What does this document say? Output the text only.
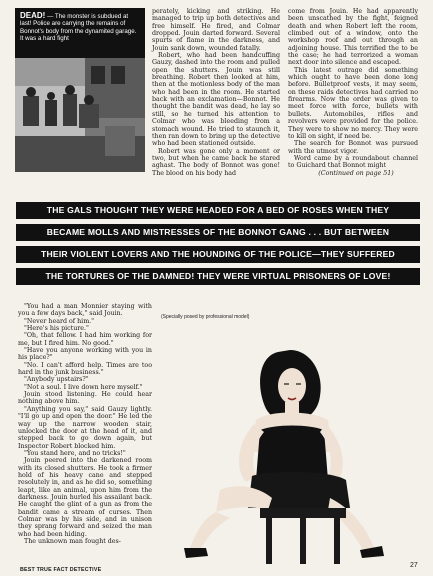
DEAD! — The monster is subdued at last! Police are carrying the remains of Bonnot's body from the dynamited garage. It was a hard fight

perately, kicking and striking. He managed to trip up both detectives and free himself. He fired, and Colmar dropped. Jouin darted forward. Several spurts of flame in the darkness, and Jouin sank down, wounded fatally.

Robert, who had been handcuffing Gauzy, dashed into the room and pulled open the shutters. Jouin was still breathing. Robert then looked at him, then at the motionless body of the man who had been in the room. He started back with an exclamation—Bonnot. He thought the bandit was dead, he lay so still, so he turned his attention to Colmar who was bleeding from a stomach wound. He tried to staunch it, then ran down to bring up the detective who had been stationed outside.

Robert was gone only a moment or two, but when he came back he stared aghast. The body of Bonnot was gone! The blood on his body had

come from Jouin. He had apparently been unscathed by the fight, feigned death and when Robert left the room, climbed out of a window, onto the workshop roof and out through an adjoining house. This terrified the to be the case; he had terrorized a woman next door into silence and escaped.

This latest outrage did something which ought to have been done long before. Bulletproof vests, it may seem, on these raids detectives had carried no firearms. Now the order was given to meet force with force, bullets with bullets. Automobiles, rifles and revolvers were provided for the police. They were to show no mercy. They were to kill on sight, if need be.

The search for Bonnot was pursued with the utmost vigor.

Word came by a roundabout channel to Guichard that Bonnot might

(Continued on page 51)

THE GALS THOUGHT THEY WERE HEADED FOR A BED OF ROSES WHEN THEY
BECAME MOLLS AND MISTRESSES OF THE BONNOT GANG . . . BUT BETWEEN
THEIR VIOLENT LOVERS AND THE HOUNDING OF THE POLICE—THEY SUFFERED
THE TORTURES OF THE DAMNED! THEY WERE VIRTUAL PRISONERS OF LOVE!

"You had a man Monnier staying with you a few days back," said Jouin.

"Never heard of him."

"Here's his picture."

"Oh, that fellow. I had him working for me, but I fired him. No good."

"Have you anyone working with you in his place?"

"No. I can't afford help. Times are too hard in the junk business."

"Anybody upstairs?"

"Not a soul. I live down here myself."

Jouin stood listening. He could hear nothing above him.

"Anything you say," said Gauzy lightly. "I'll go up and open the door." He led the way up the narrow wooden stair, unlocked the door at the head of it, and stepped back to go down again, but Inspector Robert blocked him.

"You stand here, and no tricks!"

Jouin peered into the darkened room with its closed shutters. He took a firmer hold of his heavy cane and stepped resolutely in, and as he did so, something leapt, like an animal, upon him from the darkness. Jouin hurled his assailant back. He caught the glint of a gun as from the bandit came a stream of curses. Then Colmar was by his side, and in unison they sprang forward and seized the man who had been hiding.

The unknown man fought des-

(Specially posed by professional model)
BEST TRUE FACT DETECTIVE
27
